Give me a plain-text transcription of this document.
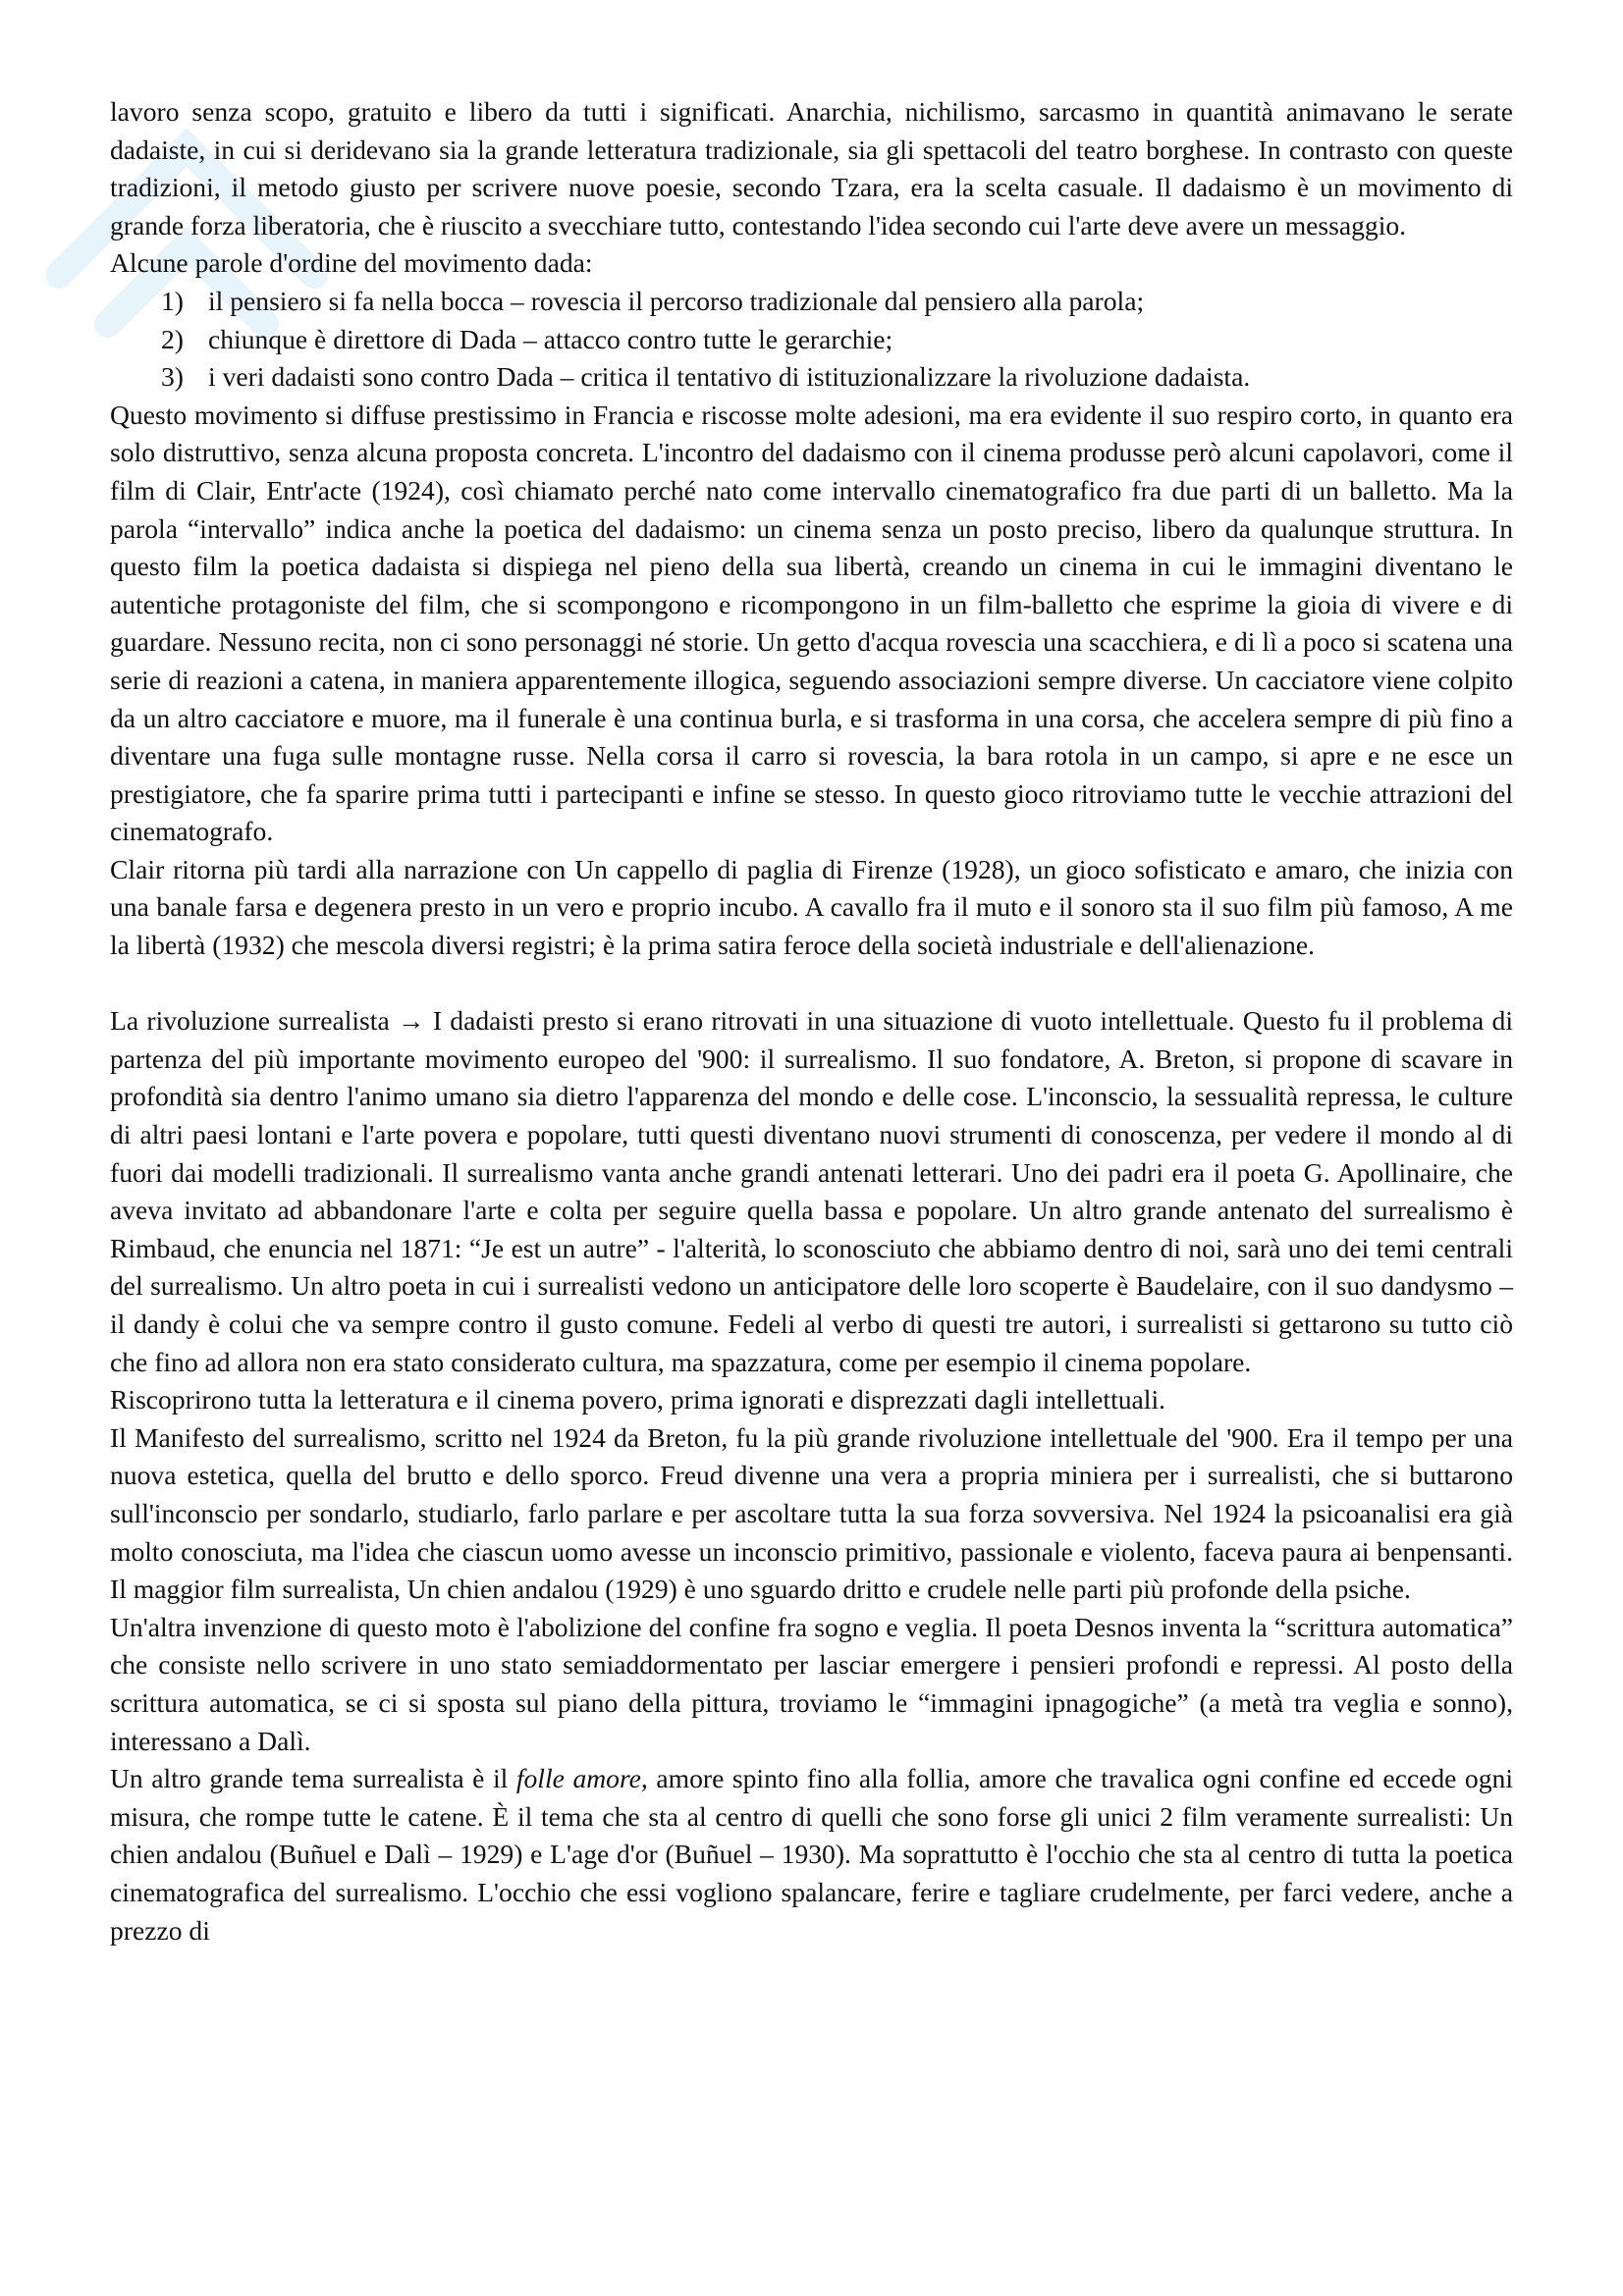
lavoro senza scopo, gratuito e libero da tutti i significati. Anarchia, nichilismo, sarcasmo in quantità animavano le serate dadaiste, in cui si deridevano sia la grande letteratura tradizionale, sia gli spettacoli del teatro borghese. In contrasto con queste tradizioni, il metodo giusto per scrivere nuove poesie, secondo Tzara, era la scelta casuale. Il dadaismo è un movimento di grande forza liberatoria, che è riuscito a svecchiare tutto, contestando l'idea secondo cui l'arte deve avere un messaggio.

Alcune parole d'ordine del movimento dada:

1) il pensiero si fa nella bocca – rovescia il percorso tradizionale dal pensiero alla parola;
2) chiunque è direttore di Dada – attacco contro tutte le gerarchie;
3) i veri dadaisti sono contro Dada – critica il tentativo di istituzionalizzare la rivoluzione dadaista.

Questo movimento si diffuse prestissimo in Francia e riscosse molte adesioni, ma era evidente il suo respiro corto, in quanto era solo distruttivo, senza alcuna proposta concreta. L'incontro del dadaismo con il cinema produsse però alcuni capolavori, come il film di Clair, Entr'acte (1924), così chiamato perché nato come intervallo cinematografico fra due parti di un balletto. Ma la parola “intervallo” indica anche la poetica del dadaismo: un cinema senza un posto preciso, libero da qualunque struttura. In questo film la poetica dadaista si dispiega nel pieno della sua libertà, creando un cinema in cui le immagini diventano le autentiche protagoniste del film, che si scompongono e ricompongono in un film-balletto che esprime la gioia di vivere e di guardare. Nessuno recita, non ci sono personaggi né storie. Un getto d'acqua rovescia una scacchiera, e di lì a poco si scatena una serie di reazioni a catena, in maniera apparentemente illogica, seguendo associazioni sempre diverse. Un cacciatore viene colpito da un altro cacciatore e muore, ma il funerale è una continua burla, e si trasforma in una corsa, che accelera sempre di più fino a diventare una fuga sulle montagne russe. Nella corsa il carro si rovescia, la bara rotola in un campo, si apre e ne esce un prestigiatore, che fa sparire prima tutti i partecipanti e infine se stesso. In questo gioco ritroviamo tutte le vecchie attrazioni del cinematografo.

Clair ritorna più tardi alla narrazione con Un cappello di paglia di Firenze (1928), un gioco sofisticato e amaro, che inizia con una banale farsa e degenera presto in un vero e proprio incubo. A cavallo fra il muto e il sonoro sta il suo film più famoso, A me la libertà (1932) che mescola diversi registri; è la prima satira feroce della società industriale e dell'alienazione.

La rivoluzione surrealista → I dadaisti presto si erano ritrovati in una situazione di vuoto intellettuale. Questo fu il problema di partenza del più importante movimento europeo del '900: il surrealismo. Il suo fondatore, A. Breton, si propone di scavare in profondità sia dentro l'animo umano sia dietro l'apparenza del mondo e delle cose. L'inconscio, la sessualità repressa, le culture di altri paesi lontani e l'arte povera e popolare, tutti questi diventano nuovi strumenti di conoscenza, per vedere il mondo al di fuori dai modelli tradizionali. Il surrealismo vanta anche grandi antenati letterari. Uno dei padri era il poeta G. Apollinaire, che aveva invitato ad abbandonare l'arte e colta per seguire quella bassa e popolare. Un altro grande antenato del surrealismo è Rimbaud, che enuncia nel 1871: “Je est un autre” - l'alterità, lo sconosciuto che abbiamo dentro di noi, sarà uno dei temi centrali del surrealismo. Un altro poeta in cui i surrealisti vedono un anticipatore delle loro scoperte è Baudelaire, con il suo dandysmo – il dandy è colui che va sempre contro il gusto comune. Fedeli al verbo di questi tre autori, i surrealisti si gettarono su tutto ciò che fino ad allora non era stato considerato cultura, ma spazzatura, come per esempio il cinema popolare.

Riscoprirono tutta la letteratura e il cinema povero, prima ignorati e disprezzati dagli intellettuali.

Il Manifesto del surrealismo, scritto nel 1924 da Breton, fu la più grande rivoluzione intellettuale del '900. Era il tempo per una nuova estetica, quella del brutto e dello sporco. Freud divenne una vera a propria miniera per i surrealisti, che si buttarono sull'inconscio per sondarlo, studiarlo, farlo parlare e per ascoltare tutta la sua forza sovversiva. Nel 1924 la psicoanalisi era già molto conosciuta, ma l'idea che ciascun uomo avesse un inconscio primitivo, passionale e violento, faceva paura ai benpensanti. Il maggior film surrealista, Un chien andalou (1929) è uno sguardo dritto e crudele nelle parti più profonde della psiche.

Un'altra invenzione di questo moto è l'abolizione del confine fra sogno e veglia. Il poeta Desnos inventa la “scrittura automatica” che consiste nello scrivere in uno stato semiaddormentato per lasciar emergere i pensieri profondi e repressi. Al posto della scrittura automatica, se ci si sposta sul piano della pittura, troviamo le “immagini ipnagogiche” (a metà tra veglia e sonno), interessano a Dalì.

Un altro grande tema surrealista è il folle amore, amore spinto fino alla follia, amore che travalica ogni confine ed eccede ogni misura, che rompe tutte le catene. È il tema che sta al centro di quelli che sono forse gli unici 2 film veramente surrealisti: Un chien andalou (Buñuel e Dalì – 1929) e L'age d'or (Buñuel – 1930). Ma soprattutto è l'occhio che sta al centro di tutta la poetica cinematografica del surrealismo. L'occhio che essi vogliono spalancare, ferire e tagliare crudelmente, per farci vedere, anche a prezzo di
